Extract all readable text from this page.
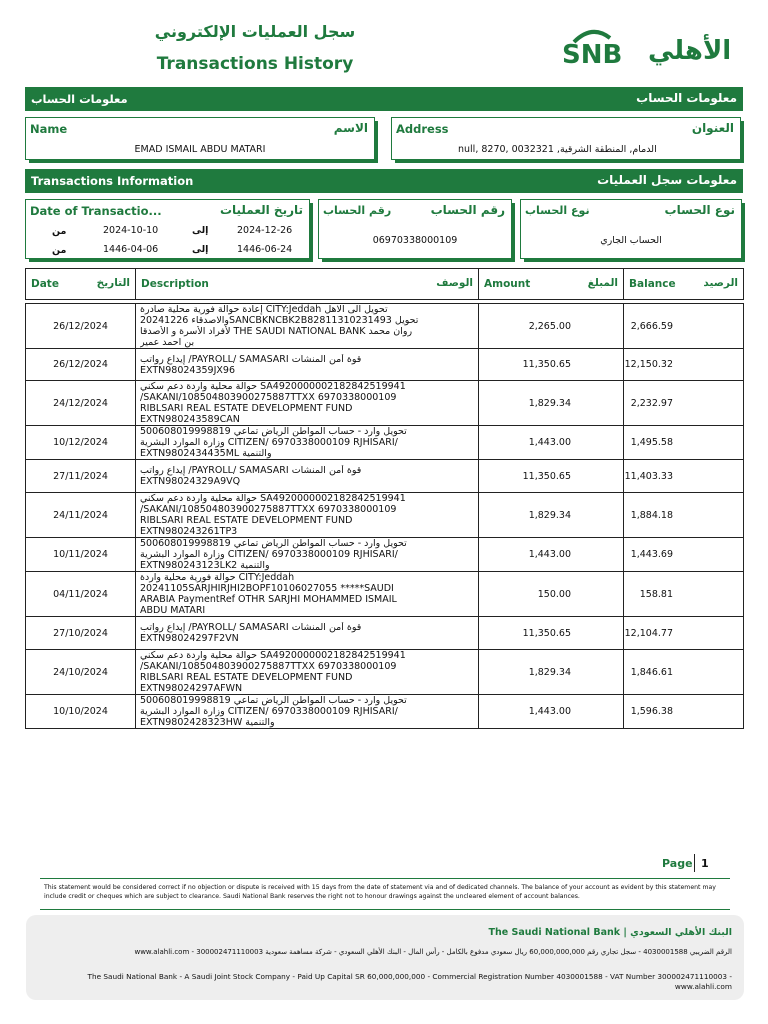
سجل العمليات الإلكتروني
Transactions History	SNB الأهلي
معلومات الحساب	معلومات الحساب
Name	الاسم
EMAD ISMAIL ABDU MATARI
Address	العنوان
null, 8270, 0032321 ,الدمام, المنطقة الشرقية
Transactions Information	معلومات سجل العمليات
Date of Transactio...	تاريخ العمليات
من	2024-10-10	إلى	2024-12-26
من	1446-04-06	إلى	1446-06-24
رقم الحساب	رقم الحساب
06970338000109
نوع الحساب	نوع الحساب
الحساب الجاري
Date التاريخ	Description الوصف	Amount المبلغ	Balance الرصيد

26/12/2024	إعادة حوالة فورية محلية صادرة CITY:Jeddah تحويل الى الاهل
والاصدقاء 20241226SANCBKNCBK2B82811310231493 تحويل
لأفراد الأسرة و الأصدقا THE SAUDI NATIONAL BANK روان محمد
بن احمد عمير	2,265.00	2,666.59
26/12/2024	إيداع رواتب /PAYROLL/ SAMASARI قوة أمن المنشآت
EXTN98024359JX96	11,350.65	12,150.32
24/12/2024	حوالة محلية واردة دعم سكني SA4920000002182842519941
/SAKANI/108504803900275887TTXX 6970338000109
RIBLSARI REAL ESTATE DEVELOPMENT FUND
EXTN98024358​9CAN	1,829.34	2,232.97
10/12/2024	تحويل وارد - حساب المواطن الرياض تماعي 500608019998819
وزارة الموارد البشرية CITIZEN/ 6970338000109 RJHISARI/
EXTN9802434435ML والتنمية	1,443.00	1,495.58
27/11/2024	إيداع رواتب /PAYROLL/ SAMASARI قوة أمن المنشآت
EXTN98024329A9VQ	11,350.65	11,403.33
24/11/2024	حوالة محلية واردة دعم سكني SA4920000002182842519941
/SAKANI/108504803900275887TTXX 6970338000109
RIBLSARI REAL ESTATE DEVELOPMENT FUND
EXTN980243261TP3	1,829.34	1,884.18
10/11/2024	تحويل وارد - حساب المواطن الرياض تماعي 500608019998819
وزارة الموارد البشرية CITIZEN/ 6970338000109 RJHISARI/
EXTN980243123LK2 والتنمية	1,443.00	1,443.69
04/11/2024	حوالة فورية محلية واردة CITY:Jeddah
20241105SARJHIRJHI2BOPF10106027055 *****SAUDI
ARABIA PaymentRef OTHR SARJHI MOHAMMED ISMAIL
ABDU MATARI	150.00	158.81
27/10/2024	إيداع رواتب /PAYROLL/ SAMASARI قوة أمن المنشآت
EXTN98024297F2VN	11,350.65	12,104.77
24/10/2024	حوالة محلية واردة دعم سكني SA4920000002182842519941
/SAKANI/108504803900275887TTXX 6970338000109
RIBLSARI REAL ESTATE DEVELOPMENT FUND
EXTN98024297AFWN	1,829.34	1,846.61
10/10/2024	تحويل وارد - حساب المواطن الرياض تماعي 500608019998819
وزارة الموارد البشرية CITIZEN/ 6970338000109 RJHISARI/
EXTN9802428323HW والتنمية	1,443.00	1,596.38
Page 1
This statement would be considered correct if no objection or dispute is received with 15 days from the date of statement via and of dedicated channels. The balance of your account as evident by this statement may include credit or cheques which are subject to clearance. Saudi National Bank reserves the right not to honour drawings against the uncleared element of account balances.
The Saudi National Bank | البنك الأهلي السعودي
www.alahli.com - 300002471110003 الرقم الضريبي 4030001588 - سجل تجاري رقم 60,000,000,000 ريال سعودي مدفوع بالكامل - رأس المال - البنك الأهلي السعودي - شركة مساهمة سعودية
The Saudi National Bank - A Saudi Joint Stock Company - Paid Up Capital SR 60,000,000,000 - Commercial Registration Number 4030001588 - VAT Number 300002471110003 - www.alahli.com
